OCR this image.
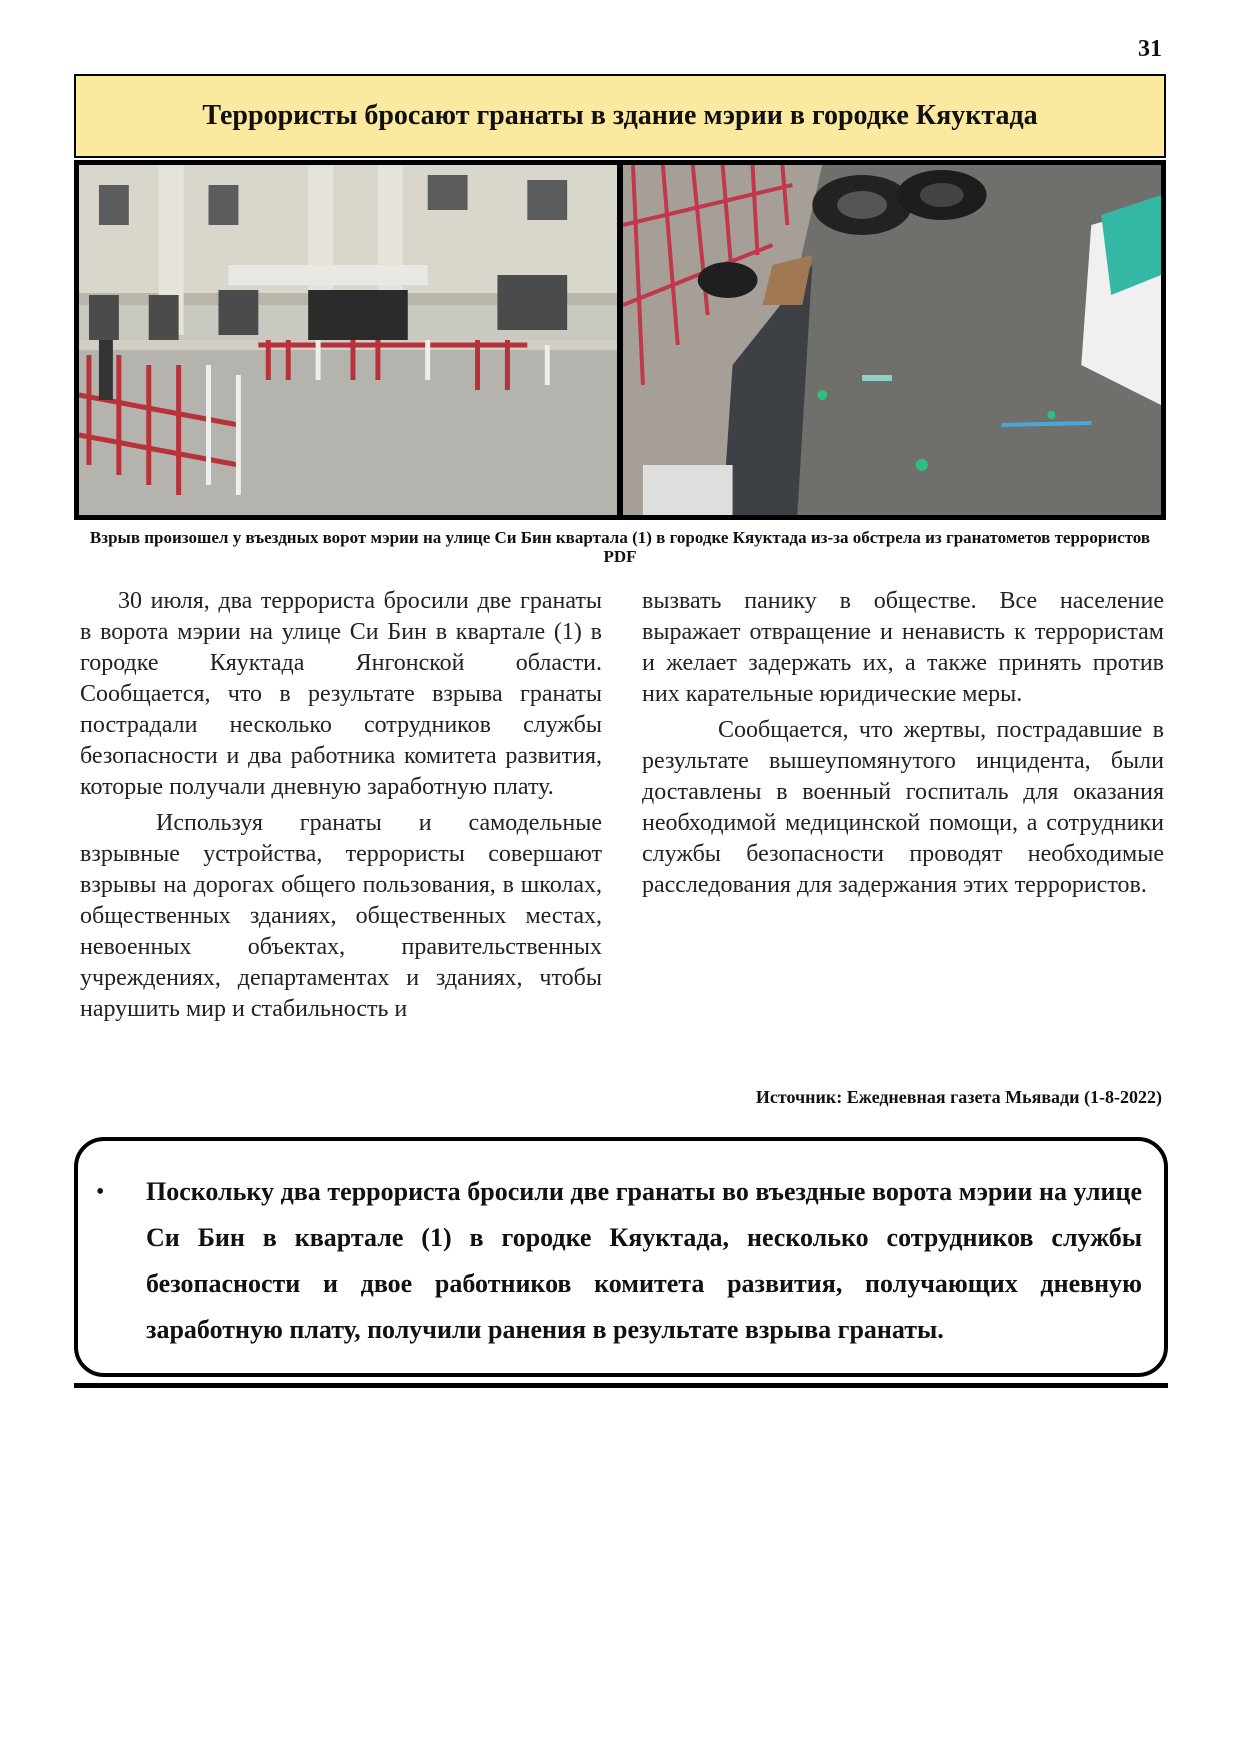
31
Террористы бросают гранаты в здание мэрии в городке Кяуктада
Взрыв произошел у въездных ворот мэрии на улице Си Бин квартала (1) в городке Кяуктада из-за обстрела из гранатометов террористов PDF

30 июля, два террориста бросили две гранаты в ворота мэрии на улице Си Бин в квартале (1) в городке Кяуктада Янгонской области. Сообщается, что в результате взрыва гранаты пострадали несколько сотрудников службы безопасности и два работника комитета развития, которые получали дневную заработную плату.

Используя гранаты и самодельные взрывные устройства, террористы совершают взрывы на дорогах общего пользования, в школах, общественных зданиях, общественных местах, невоенных объектах, правительственных учреждениях, департаментах и зданиях, чтобы нарушить мир и стабильность и

вызвать панику в обществе. Все население выражает отвращение и ненависть к террористам и желает задержать их, а также принять против них карательные юридические меры.

Сообщается, что жертвы, пострадавшие в результате вышеупомянутого инцидента, были доставлены в военный госпиталь для оказания необходимой медицинской помощи, а сотрудники службы безопасности проводят необходимые расследования для задержания этих террористов.

Источник: Ежедневная газета Мьявади (1-8-2022)
•	Поскольку два террориста бросили две гранаты во въездные ворота мэрии на улице Си Бин в квартале (1) в городке Кяуктада, несколько сотрудников службы безопасности и двое работников комитета развития, получающих дневную заработную плату, получили ранения в результате взрыва гранаты.
